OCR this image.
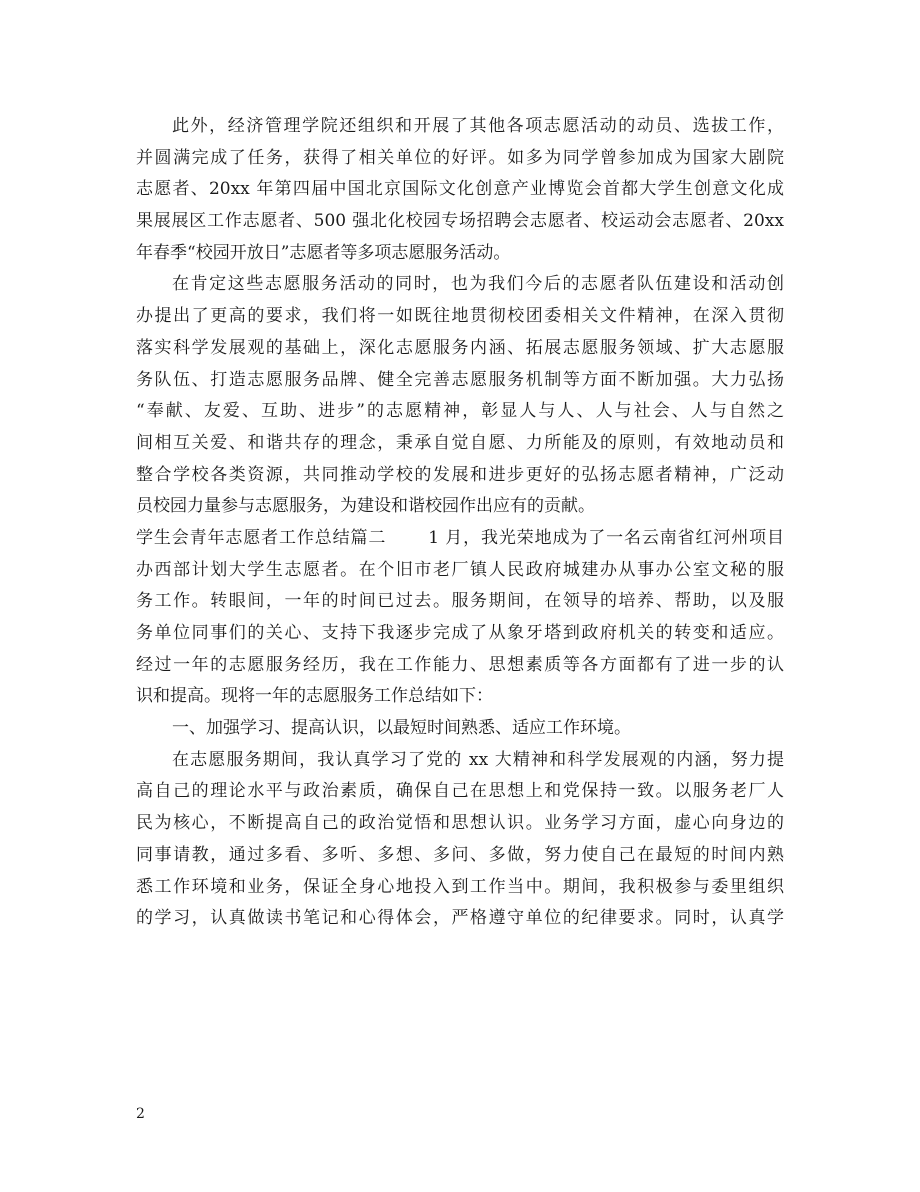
此外，经济管理学院还组织和开展了其他各项志愿活动的动员、选拔工作，
并圆满完成了任务，获得了相关单位的好评。如多为同学曾参加成为国家大剧院
志愿者、20xx 年第四届中国北京国际文化创意产业博览会首都大学生创意文化成
果展展区工作志愿者、500 强北化校园专场招聘会志愿者、校运动会志愿者、20xx
年春季“校园开放日”志愿者等多项志愿服务活动。
在肯定这些志愿服务活动的同时，也为我们今后的志愿者队伍建设和活动创
办提出了更高的要求，我们将一如既往地贯彻校团委相关文件精神，在深入贯彻
落实科学发展观的基础上，深化志愿服务内涵、拓展志愿服务领域、扩大志愿服
务队伍、打造志愿服务品牌、健全完善志愿服务机制等方面不断加强。大力弘扬
“奉献、友爱、互助、进步”的志愿精神，彰显人与人、人与社会、人与自然之
间相互关爱、和谐共存的理念，秉承自觉自愿、力所能及的原则，有效地动员和
整合学校各类资源，共同推动学校的发展和进步更好的弘扬志愿者精神，广泛动
员校园力量参与志愿服务，为建设和谐校园作出应有的贡献。
学生会青年志愿者工作总结篇二　　 1 月，我光荣地成为了一名云南省红河州项目
办西部计划大学生志愿者。在个旧市老厂镇人民政府城建办从事办公室文秘的服
务工作。转眼间，一年的时间已过去。服务期间，在领导的培养、帮助，以及服
务单位同事们的关心、支持下我逐步完成了从象牙塔到政府机关的转变和适应。
经过一年的志愿服务经历，我在工作能力、思想素质等各方面都有了进一步的认
识和提高。现将一年的志愿服务工作总结如下：
一、加强学习、提高认识，以最短时间熟悉、适应工作环境。
在志愿服务期间，我认真学习了党的 xx 大精神和科学发展观的内涵，努力提
高自己的理论水平与政治素质，确保自己在思想上和党保持一致。以服务老厂人
民为核心，不断提高自己的政治觉悟和思想认识。业务学习方面，虚心向身边的
同事请教，通过多看、多听、多想、多问、多做，努力使自己在最短的时间内熟
悉工作环境和业务，保证全身心地投入到工作当中。期间，我积极参与委里组织
的学习，认真做读书笔记和心得体会，严格遵守单位的纪律要求。同时，认真学
2
